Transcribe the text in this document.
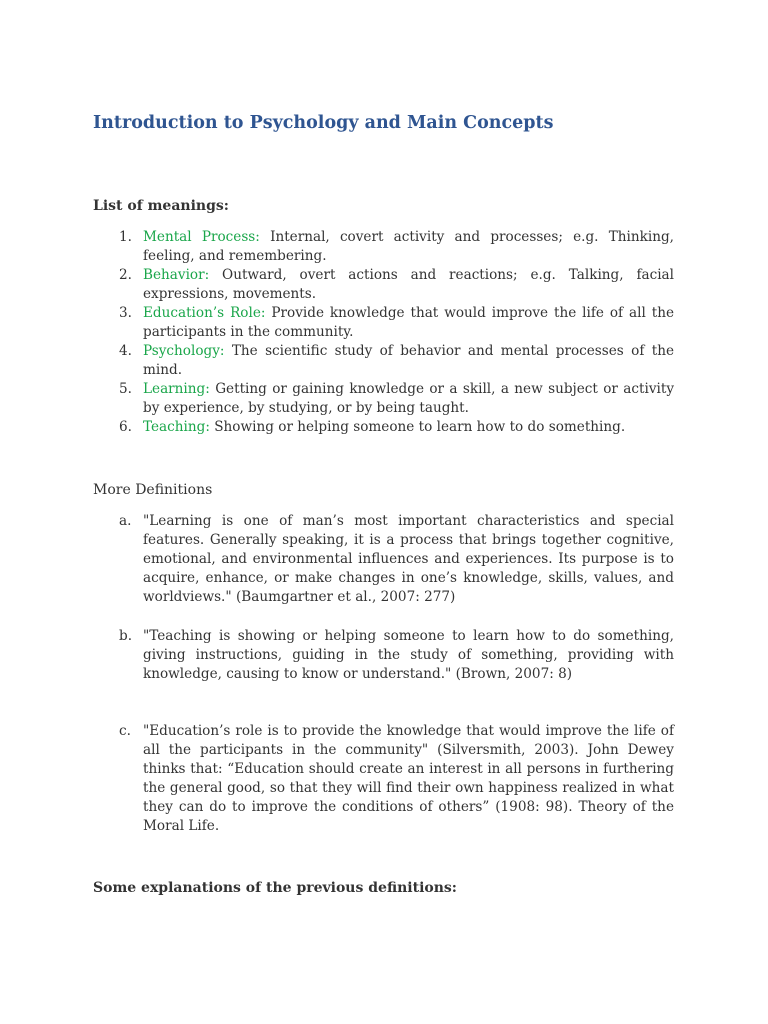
Introduction to Psychology and Main Concepts

List of meanings:

1. Mental Process: Internal, covert activity and processes; e.g. Thinking, feeling, and remembering.
2. Behavior: Outward, overt actions and reactions; e.g. Talking, facial expressions, movements.
3. Education’s Role: Provide knowledge that would improve the life of all the participants in the community.
4. Psychology: The scientific study of behavior and mental processes of the mind.
5. Learning: Getting or gaining knowledge or a skill, a new subject or activity by experience, by studying, or by being taught.
6. Teaching: Showing or helping someone to learn how to do something.

More Definitions

a. "Learning is one of man’s most important characteristics and special features. Generally speaking, it is a process that brings together cognitive, emotional, and environmental influences and experiences. Its purpose is to acquire, enhance, or make changes in one’s knowledge, skills, values, and worldviews." (Baumgartner et al., 2007: 277)
b. "Teaching is showing or helping someone to learn how to do something, giving instructions, guiding in the study of something, providing with knowledge, causing to know or understand." (Brown, 2007: 8)
c. "Education’s role is to provide the knowledge that would improve the life of all the participants in the community" (Silversmith, 2003). John Dewey thinks that: “Education should create an interest in all persons in furthering the general good, so that they will find their own happiness realized in what they can do to improve the conditions of others” (1908: 98). Theory of the Moral Life.

Some explanations of the previous definitions:
